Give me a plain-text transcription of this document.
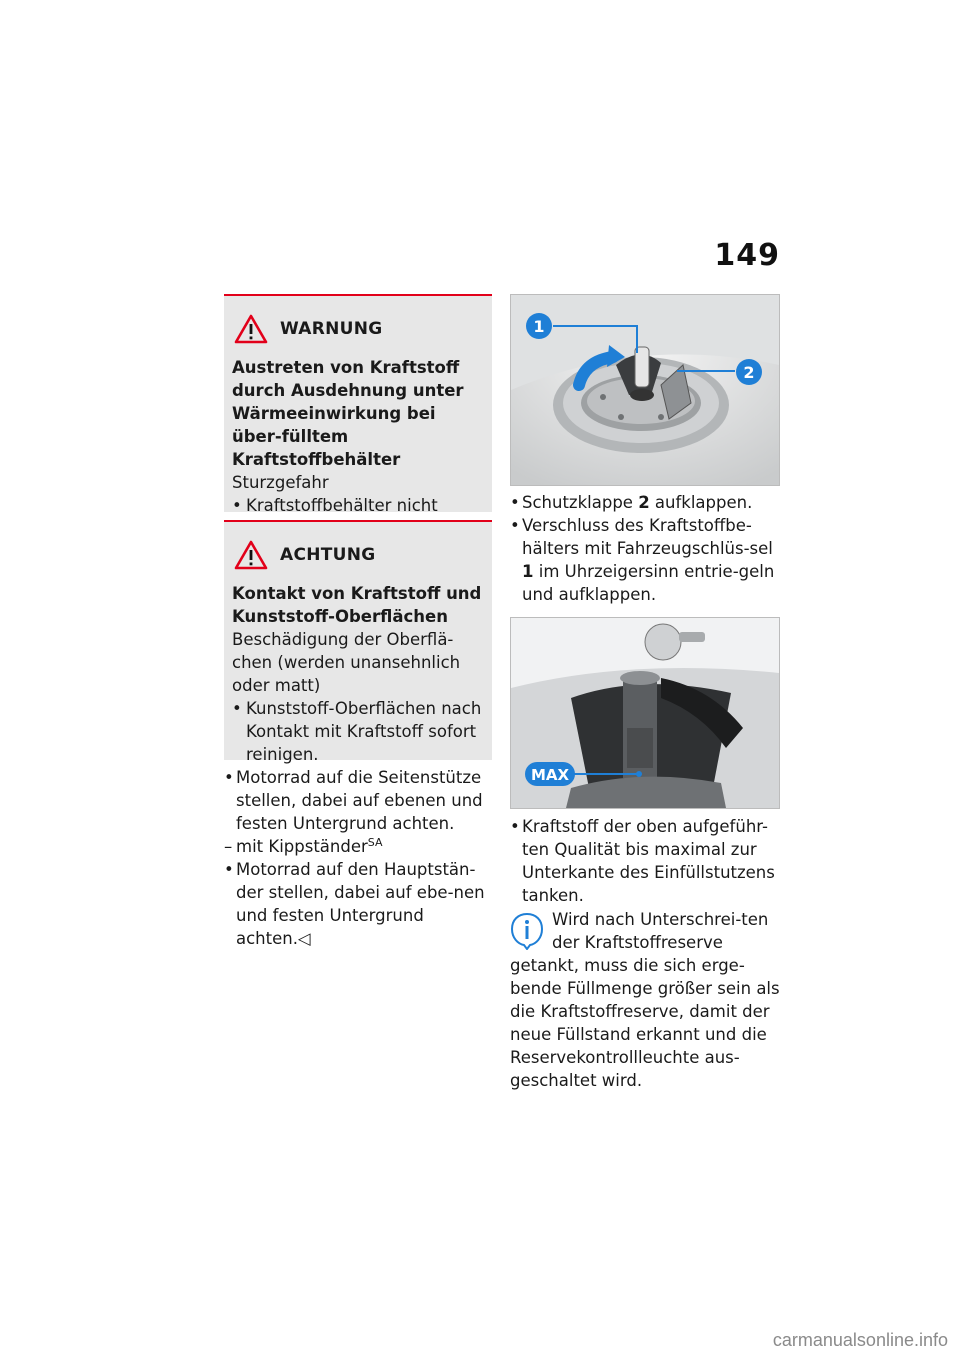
149
WARNUNG
Austreten von Kraftstoff durch Ausdehnung unter Wärmeeinwirkung bei über-fülltem Kraftstoffbehälter
Sturzgefahr
• Kraftstoffbehälter nicht
ACHTUNG
Kontakt von Kraftstoff und Kunststoff-Oberflächen
Beschädigung der Oberflä-chen (werden unansehnlich oder matt)
• Kunststoff-Oberflächen nach Kontakt mit Kraftstoff sofort reinigen.
• Motorrad auf die Seitenstütze stellen, dabei auf ebenen und festen Untergrund achten.
– mit Kippständer$^{SA}$
• Motorrad auf den Hauptstän-der stellen, dabei auf ebe-nen und festen Untergrund achten.◁
1
2
• Schutzklappe 2 aufklappen.
• Verschluss des Kraftstoffbe-hälters mit Fahrzeugschlüs-sel 1 im Uhrzeigersinn entrie-geln und aufklappen.
MAX
• Kraftstoff der oben aufgeführ-ten Qualität bis maximal zur Unterkante des Einfüllstutzens tanken.
Wird nach Unterschrei-ten der Kraftstoffreserve
getankt, muss die sich erge-bende Füllmenge größer sein als die Kraftstoffreserve, damit der neue Füllstand erkannt und die Reservekontrollleuchte aus-geschaltet wird.
carmanualsonline.info
